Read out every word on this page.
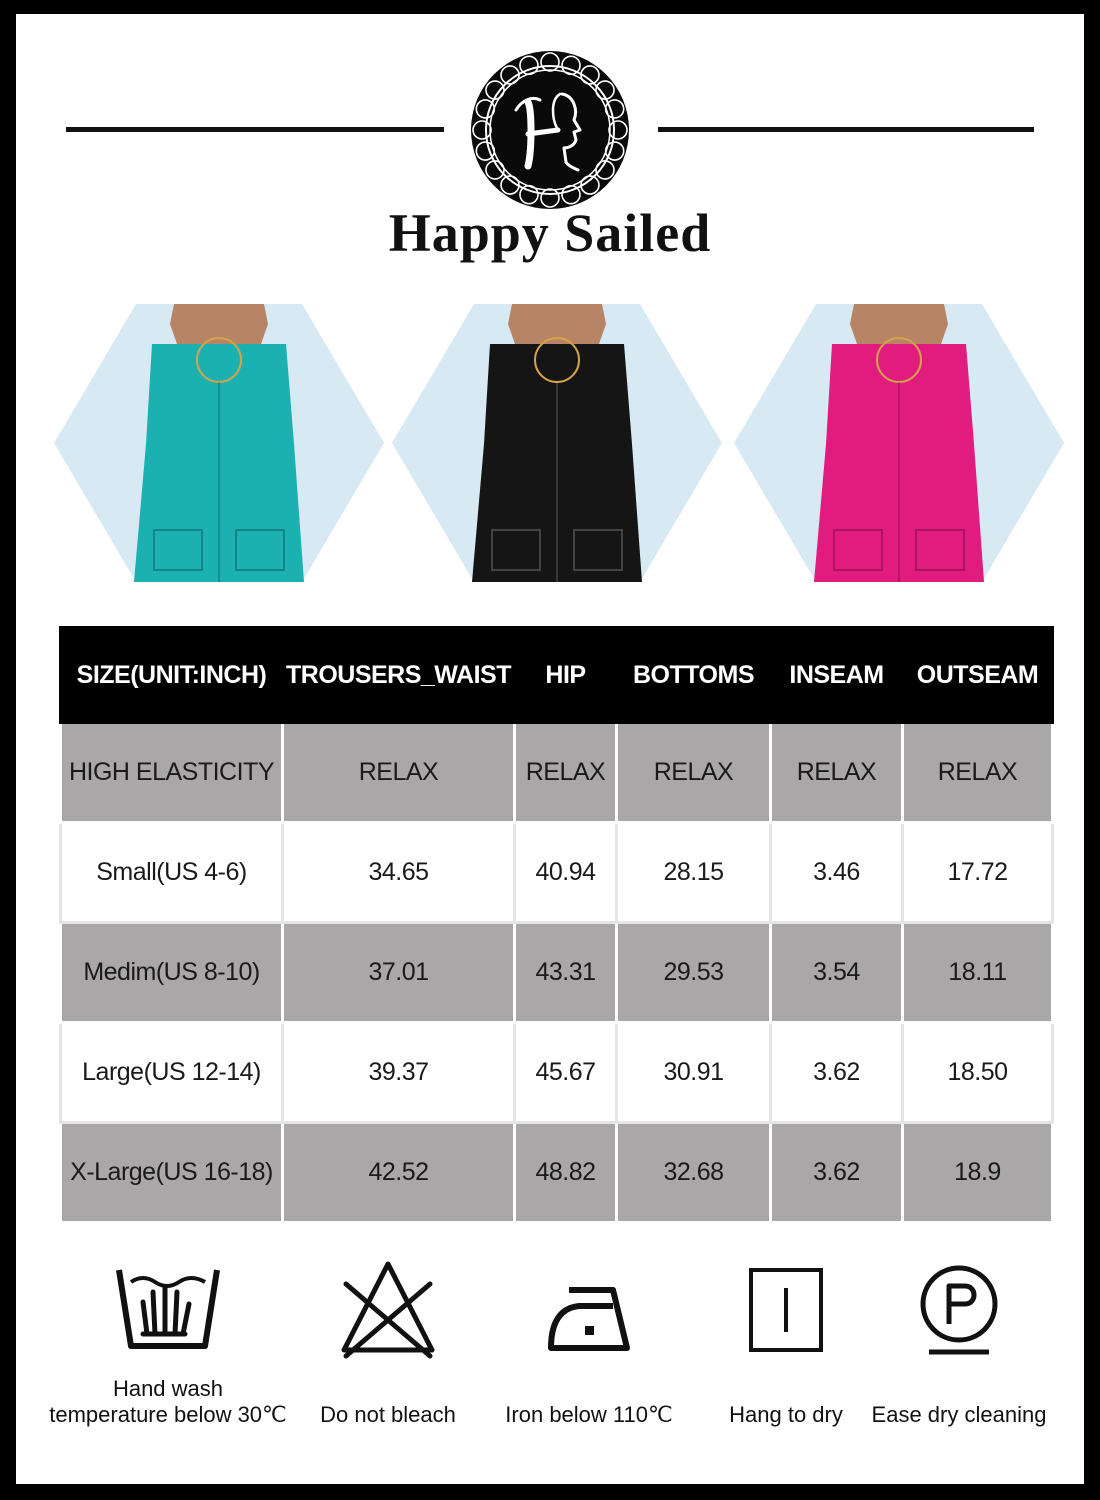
Happy Sailed
SIZE(UNIT:INCH)	TROUSERS_WAIST	HIP	BOTTOMS	INSEAM	OUTSEAM
HIGH ELASTICITY	RELAX	RELAX	RELAX	RELAX	RELAX
Small(US 4-6)	34.65	40.94	28.15	3.46	17.72
Medim(US 8-10)	37.01	43.31	29.53	3.54	18.11
Large(US 12-14)	39.37	45.67	30.91	3.62	18.50
X-Large(US 16-18)	42.52	48.82	32.68	3.62	18.9
Hand wash
temperature below 30℃	Do not bleach	Iron below 110℃	Hang to dry	Ease dry cleaning
